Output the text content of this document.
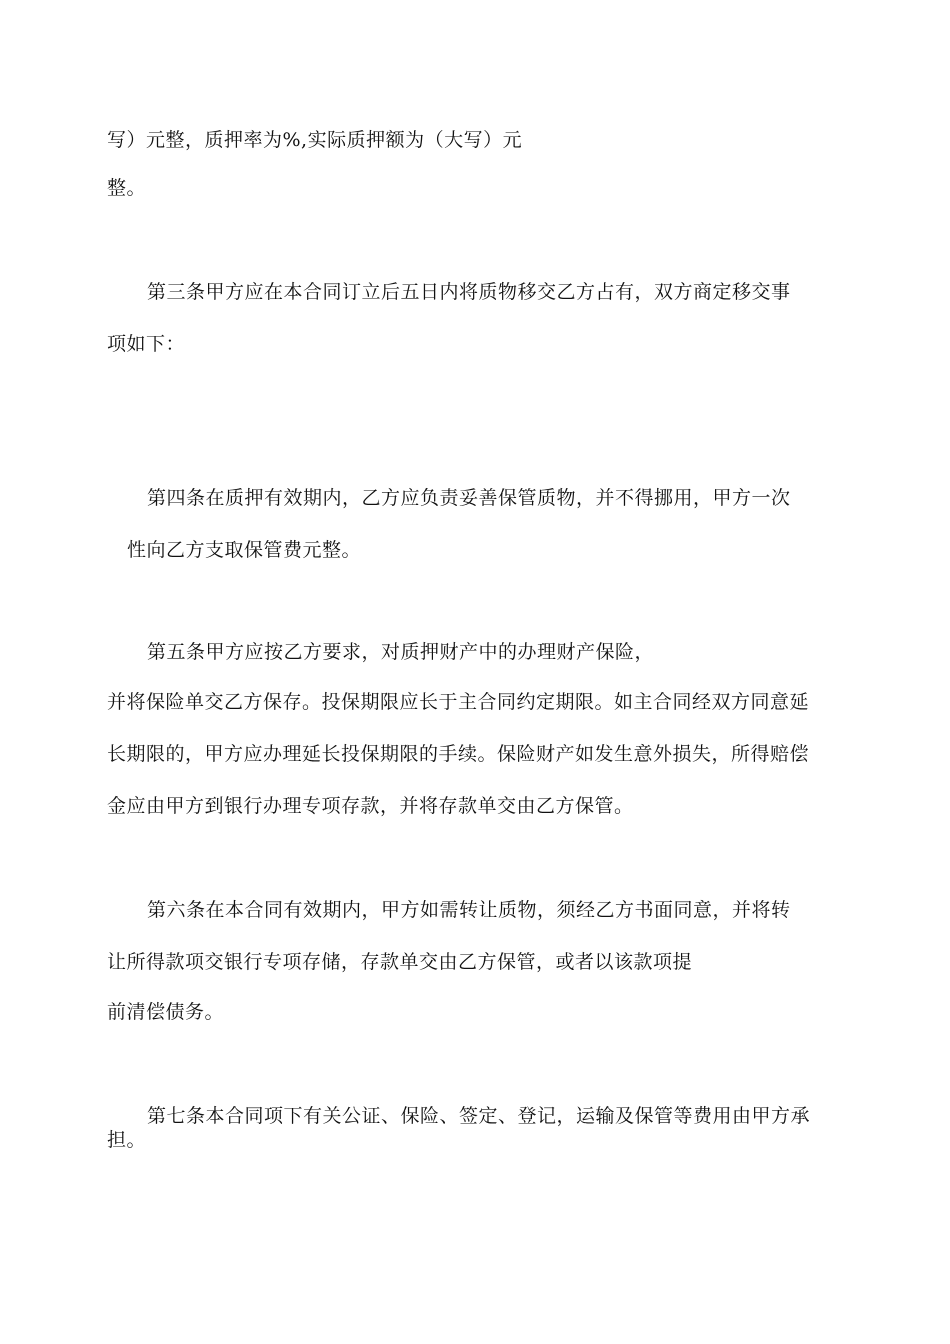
写）元整，质押率为%,实际质押额为（大写）元
整。
第三条甲方应在本合同订立后五日内将质物移交乙方占有，双方商定移交事
项如下：
第四条在质押有效期内，乙方应负责妥善保管质物，并不得挪用，甲方一次
性向乙方支取保管费元整。
第五条甲方应按乙方要求，对质押财产中的办理财产保险，
并将保险单交乙方保存。投保期限应长于主合同约定期限。如主合同经双方同意延
长期限的，甲方应办理延长投保期限的手续。保险财产如发生意外损失，所得赔偿
金应由甲方到银行办理专项存款，并将存款单交由乙方保管。
第六条在本合同有效期内，甲方如需转让质物，须经乙方书面同意，并将转
让所得款项交银行专项存储，存款单交由乙方保管，或者以该款项提
前清偿债务。
第七条本合同项下有关公证、保险、签定、登记，运输及保管等费用由甲方承
担。
